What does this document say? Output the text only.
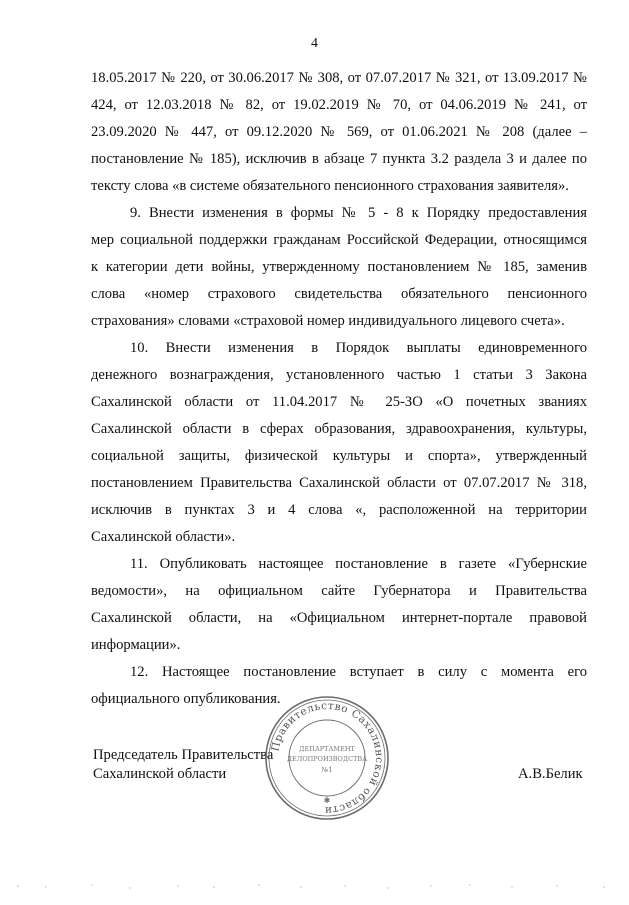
4
18.05.2017 № 220, от 30.06.2017 № 308, от 07.07.2017 № 321, от 13.09.2017 №
424, от 12.03.2018 № 82, от 19.02.2019 № 70, от 04.06.2019 № 241, от
23.09.2020 № 447, от 09.12.2020 № 569, от 01.06.2021 № 208 (далее –
постановление № 185), исключив в абзаце 7 пункта 3.2 раздела 3 и далее по
тексту слова «в системе обязательного пенсионного страхования заявителя».
9. Внести изменения в формы № 5 - 8 к Порядку предоставления
мер социальной поддержки гражданам Российской Федерации, относящимся
к категории дети войны, утвержденному постановлением № 185, заменив
слова «номер страхового свидетельства обязательного пенсионного
страхования» словами «страховой номер индивидуального лицевого счета».
10. Внести изменения в Порядок выплаты единовременного
денежного вознаграждения, установленного частью 1 статьи 3 Закона
Сахалинской области от 11.04.2017 № 25-ЗО «О почетных званиях
Сахалинской области в сферах образования, здравоохранения, культуры,
социальной защиты, физической культуры и спорта», утвержденный
постановлением Правительства Сахалинской области от 07.07.2017 № 318,
исключив в пунктах 3 и 4 слова «, расположенной на территории
Сахалинской области».
11. Опубликовать настоящее постановление в газете «Губернские
ведомости», на официальном сайте Губернатора и Правительства
Сахалинской области, на «Официальном интернет-портале правовой
информации».
12. Настоящее постановление вступает в силу с момента его
официального опубликования.
Председатель Правительства
Сахалинской области	А.В.Белик
Правительство Сахалинской области
ДЕПАРТАМЕНТ
ДЕЛОПРОИЗВОДСТВА
№1
✱
